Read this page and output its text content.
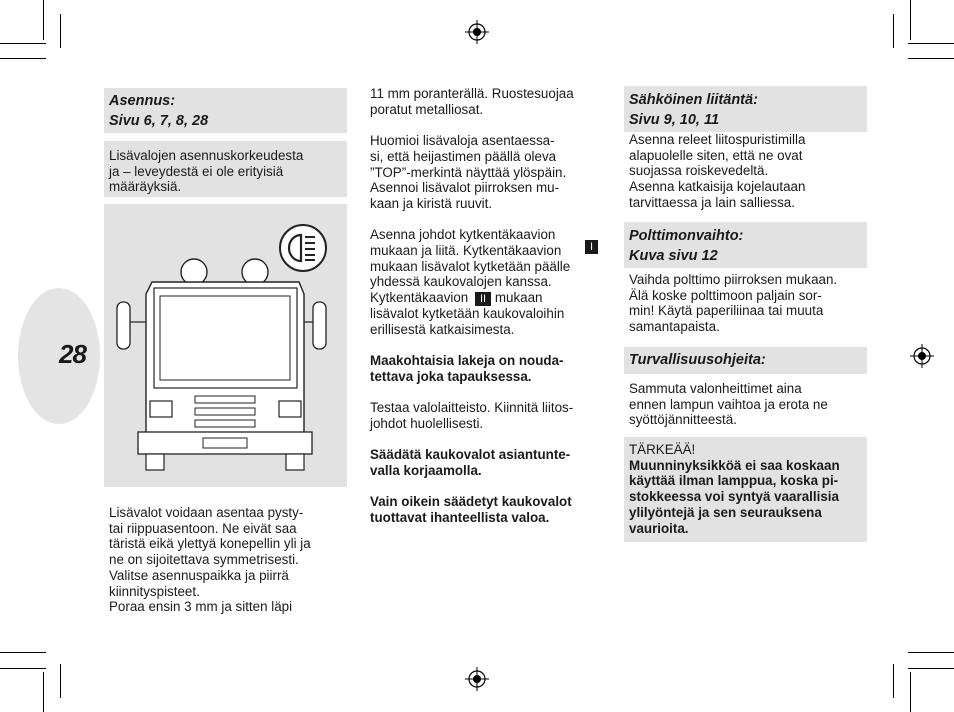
28
Asennus:
Sivu 6, 7, 8, 28
Lisävalojen asennuskorkeudesta
ja – leveydestä ei ole erityisiä
määräyksiä.
Lisävalot voidaan asentaa pysty-
tai riippuasentoon. Ne eivät saa
täristä eikä ylettyä konepellin yli ja
ne on sijoitettava symmetrisesti.
Valitse asennuspaikka ja piirrä
kiinnityspisteet.
Poraa ensin 3 mm ja sitten läpi
11 mm poranterällä. Ruostesuojaa
poratut metalliosat.
Huomioi lisävaloja asentaessa-
si, että heijastimen päällä oleva
”TOP”-merkintä näyttää ylöspäin.
Asennoi lisävalot piirroksen mu-
kaan ja kiristä ruuvit.
Asenna johdot kytkentäkaavion
mukaan ja liitä. Kytkentäkaavion
mukaan lisävalot kytketään päälle
yhdessä kaukovalojen kanssa.
Kytkentäkaavion II mukaan
lisävalot kytketään kaukovaloihin
erillisestä katkaisimesta.
Maakohtaisia lakeja on nouda-
tettava joka tapauksessa.
Testaa valolaitteisto. Kiinnitä liitos-
johdot huolellisesti.
Säädätä kaukovalot asiantunte-
valla korjaamolla.
Vain oikein säädetyt kaukovalot
tuottavat ihanteellista valoa.
I
Sähköinen liitäntä:
Sivu 9, 10, 11
Asenna releet liitospuristimilla
alapuolelle siten, että ne ovat
suojassa roiskevedeltä.
Asenna katkaisija kojelautaan
tarvittaessa ja lain salliessa.
Polttimonvaihto:
Kuva sivu 12
Vaihda polttimo piirroksen mukaan.
Älä koske polttimoon paljain sor-
min! Käytä paperiliinaa tai muuta
samantapaista.
Turvallisuusohjeita:
Sammuta valonheittimet aina
ennen lampun vaihtoa ja erota ne
syöttöjännitteestä.
TÄRKEÄÄ!
Muunninyksikköä ei saa koskaan
käyttää ilman lamppua, koska pi-
stokkeessa voi syntyä vaarallisia
ylilyöntejä ja sen seurauksena
vaurioita.
